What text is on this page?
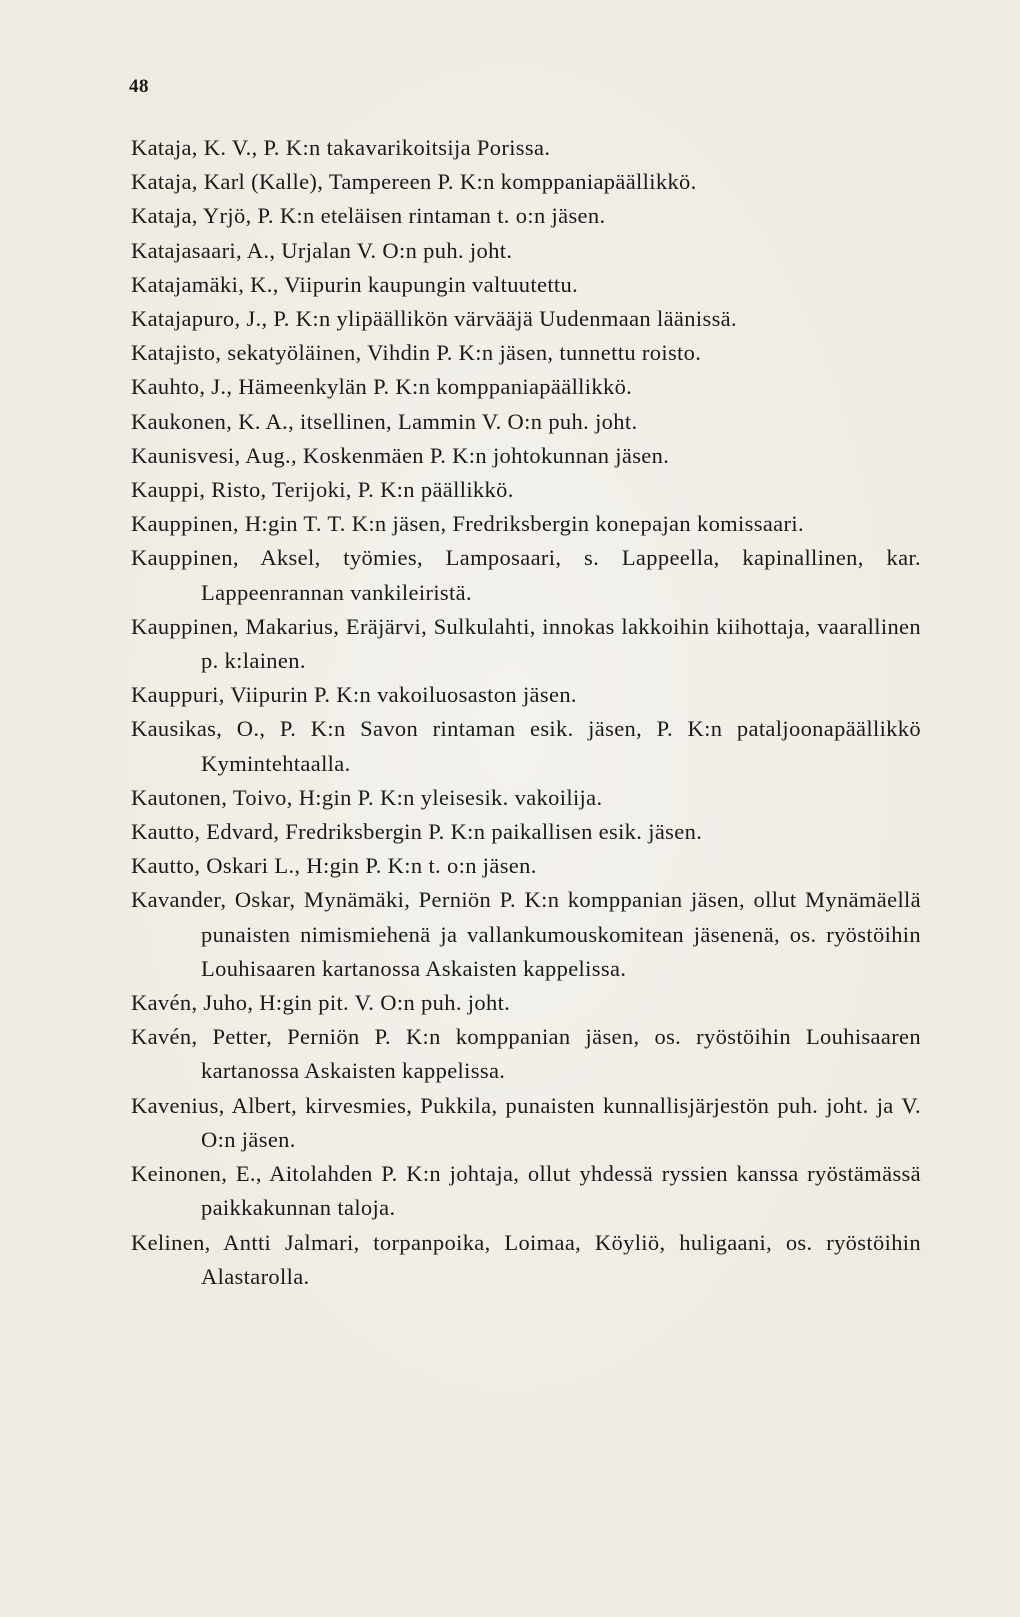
48
Kataja, K. V., P. K:n takavarikoitsija Porissa.
Kataja, Karl (Kalle), Tampereen P. K:n komppaniapäällikkö.
Kataja, Yrjö, P. K:n eteläisen rintaman t. o:n jäsen.
Katajasaari, A., Urjalan V. O:n puh. joht.
Katajamäki, K., Viipurin kaupungin valtuutettu.
Katajapuro, J., P. K:n ylipäällikön värvääjä Uudenmaan läänissä.
Katajisto, sekatyöläinen, Vihdin P. K:n jäsen, tunnettu roisto.
Kauhto, J., Hämeenkylän P. K:n komppaniapäällikkö.
Kaukonen, K. A., itsellinen, Lammin V. O:n puh. joht.
Kaunisvesi, Aug., Koskenmäen P. K:n johtokunnan jäsen.
Kauppi, Risto, Terijoki, P. K:n päällikkö.
Kauppinen, H:gin T. T. K:n jäsen, Fredriksbergin konepajan komissaari.
Kauppinen, Aksel, työmies, Lamposaari, s. Lappeella, kapinallinen, kar. Lappeenrannan vankileiristä.
Kauppinen, Makarius, Eräjärvi, Sulkulahti, innokas lakkoihin kiihottaja, vaarallinen p. k:lainen.
Kauppuri, Viipurin P. K:n vakoiluosaston jäsen.
Kausikas, O., P. K:n Savon rintaman esik. jäsen, P. K:n pataljoonapäällikkö Kymintehtaalla.
Kautonen, Toivo, H:gin P. K:n yleisesik. vakoilija.
Kautto, Edvard, Fredriksbergin P. K:n paikallisen esik. jäsen.
Kautto, Oskari L., H:gin P. K:n t. o:n jäsen.
Kavander, Oskar, Mynämäki, Perniön P. K:n komppanian jäsen, ollut Mynämäellä punaisten nimismiehenä ja vallankumouskomitean jäsenenä, os. ryöstöihin Louhisaaren kartanossa Askaisten kappelissa.
Kavén, Juho, H:gin pit. V. O:n puh. joht.
Kavén, Petter, Perniön P. K:n komppanian jäsen, os. ryöstöihin Louhisaaren kartanossa Askaisten kappelissa.
Kavenius, Albert, kirvesmies, Pukkila, punaisten kunnallisjärjestön puh. joht. ja V. O:n jäsen.
Keinonen, E., Aitolahden P. K:n johtaja, ollut yhdessä ryssien kanssa ryöstämässä paikkakunnan taloja.
Kelinen, Antti Jalmari, torpanpoika, Loimaa, Köyliö, huligaani, os. ryöstöihin Alastarolla.
